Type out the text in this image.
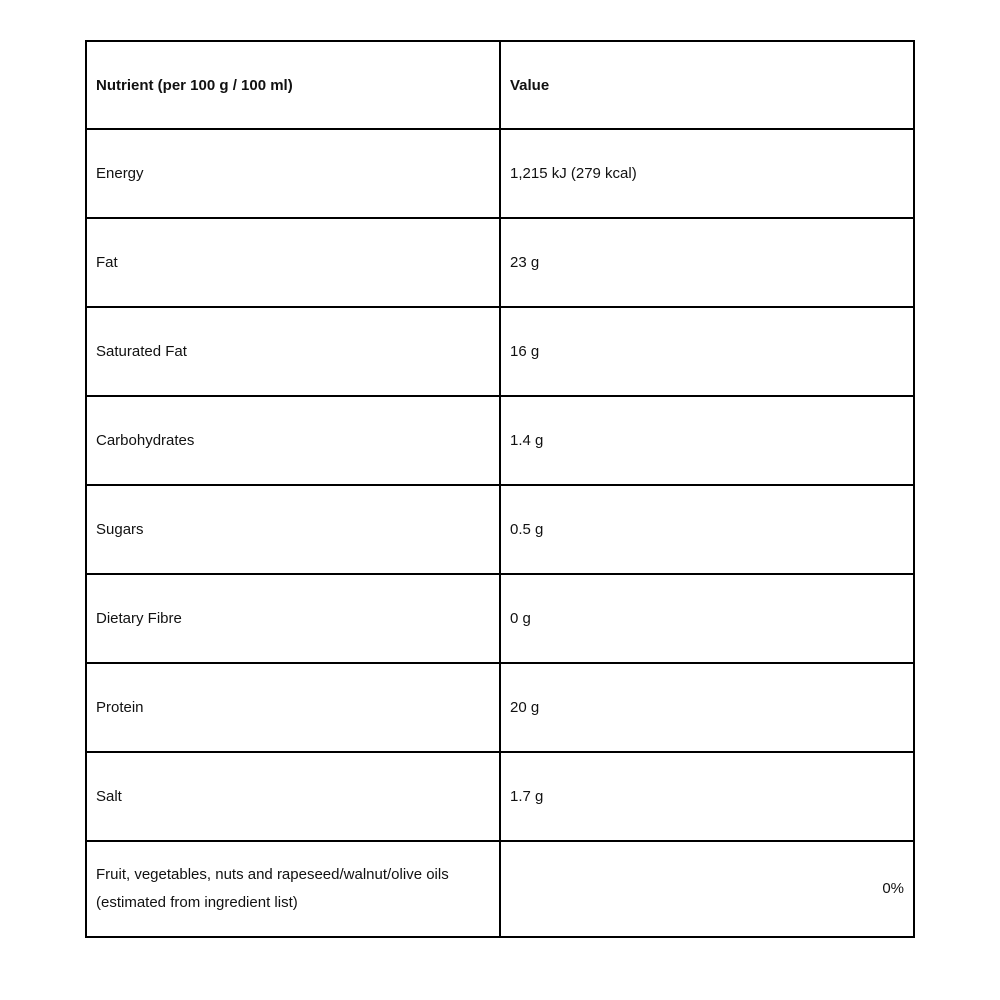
Nutrient (per 100 g / 100 ml)	Value
Energy	1,215 kJ (279 kcal)
Fat	23 g
Saturated Fat	16 g
Carbohydrates	1.4 g
Sugars	0.5 g
Dietary Fibre	0 g
Protein	20 g
Salt	1.7 g
Fruit, vegetables, nuts and rapeseed/walnut/olive oils (estimated from ingredient list)	0%
